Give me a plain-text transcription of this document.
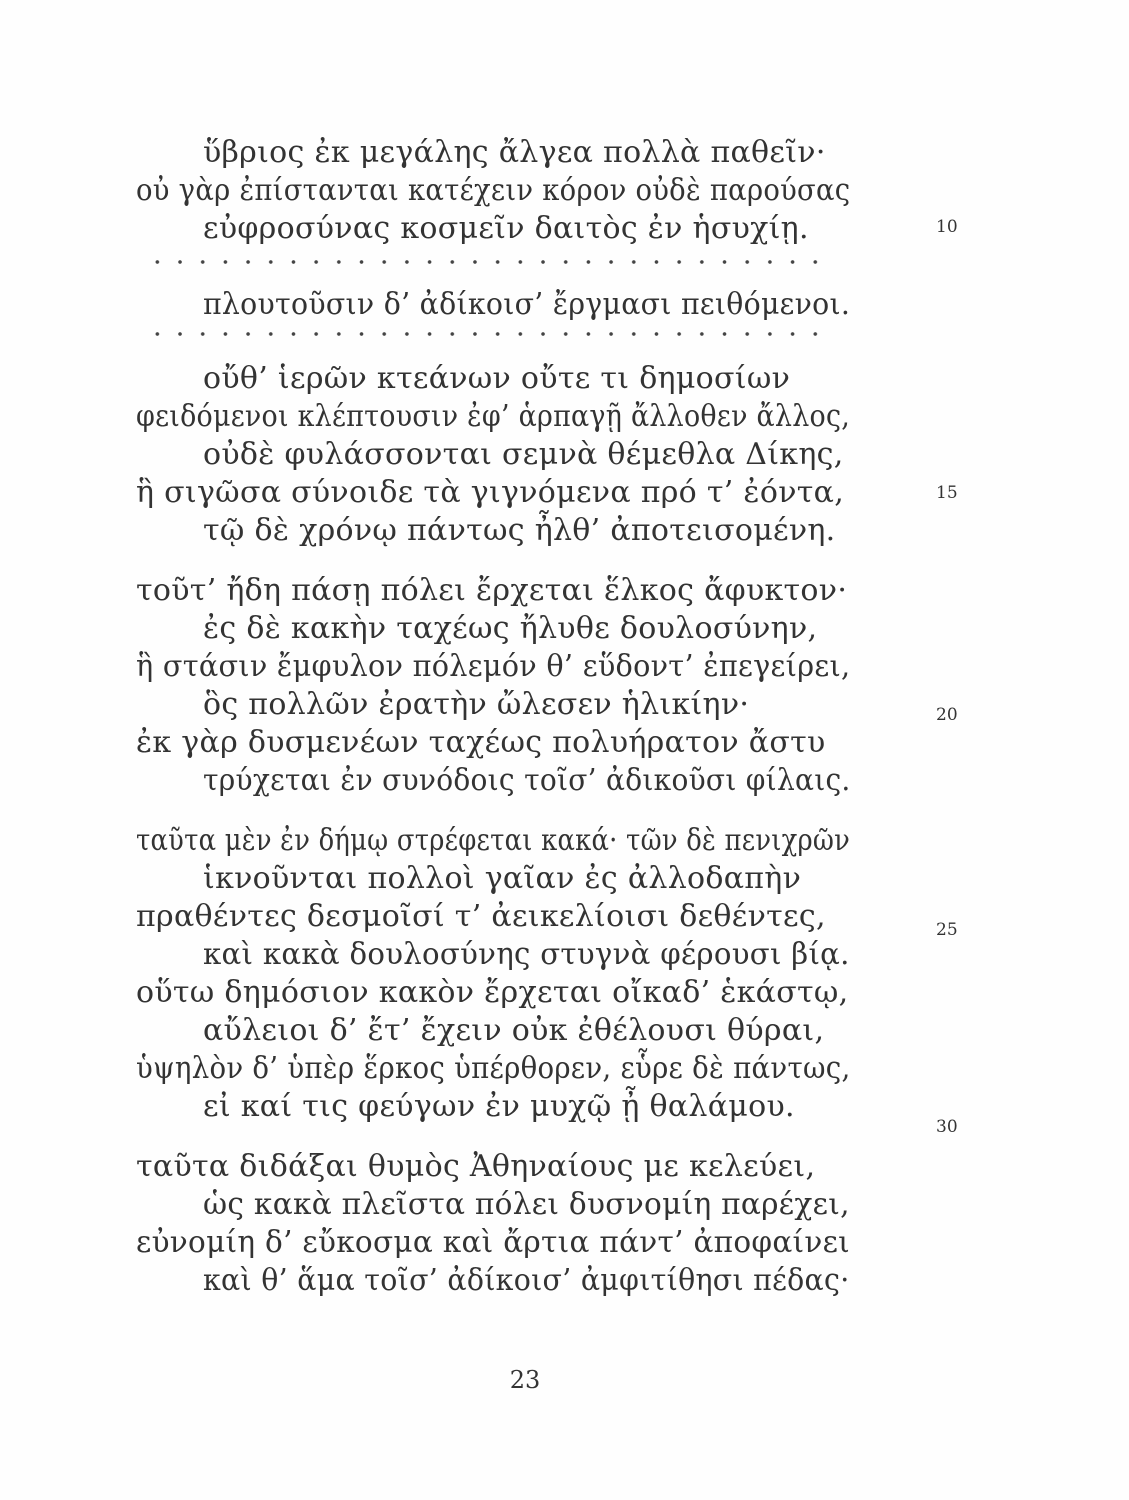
ὕβριος ἐκ μεγάλης ἄλγεα πολλὰ παθεῖν·
οὐ γὰρ ἐπίστανται κατέχειν κόρον οὐδὲ παρούσας
εὐφροσύνας κοσμεῖν δαιτὸς ἐν ἡσυχίῃ.	10
πλουτοῦσιν δ’ ἀδίκοισ’ ἔργμασι πειθόμενοι.
οὔθ’ ἱερῶν κτεάνων οὔτε τι δημοσίων
φειδόμενοι κλέπτουσιν ἐφ’ ἁρπαγῇ ἄλλοθεν ἄλλος,
οὐδὲ φυλάσσονται σεμνὰ θέμεθλα Δίκης,
ἣ σιγῶσα σύνοιδε τὰ γιγνόμενα πρό τ’ ἐόντα,	15
τῷ δὲ χρόνῳ πάντως ἦλθ’ ἀποτεισομένη.
τοῦτ’ ἤδη πάσῃ πόλει ἔρχεται ἕλκος ἄφυκτον·
ἐς δὲ κακὴν ταχέως ἤλυθε δουλοσύνην,
ἣ στάσιν ἔμφυλον πόλεμόν θ’ εὕδοντ’ ἐπεγείρει,
ὃς πολλῶν ἐρατὴν ὤλεσεν ἡλικίην·	20
ἐκ γὰρ δυσμενέων ταχέως πολυήρατον ἄστυ
τρύχεται ἐν συνόδοις τοῖσ’ ἀδικοῦσι φίλαις.
ταῦτα μὲν ἐν δήμῳ στρέφεται κακά· τῶν δὲ πενιχρῶν
ἱκνοῦνται πολλοὶ γαῖαν ἐς ἀλλοδαπὴν
πραθέντες δεσμοῖσί τ’ ἀεικελίοισι δεθέντες,	25
καὶ κακὰ δουλοσύνης στυγνὰ φέρουσι βίᾳ.
οὕτω δημόσιον κακὸν ἔρχεται οἴκαδ’ ἑκάστῳ,
αὔλειοι δ’ ἔτ’ ἔχειν οὐκ ἐθέλουσι θύραι,
ὑψηλὸν δ’ ὑπὲρ ἕρκος ὑπέρθορεν, εὗρε δὲ πάντως,
εἰ καί τις φεύγων ἐν μυχῷ ᾖ θαλάμου.
30
ταῦτα διδάξαι θυμὸς Ἀθηναίους με κελεύει,
ὡς κακὰ πλεῖστα πόλει δυσνομίη παρέχει,
εὐνομίη δ’ εὔκοσμα καὶ ἄρτια πάντ’ ἀποφαίνει
καὶ θ’ ἅμα τοῖσ’ ἀδίκοισ’ ἀμφιτίθησι πέδας·
23
